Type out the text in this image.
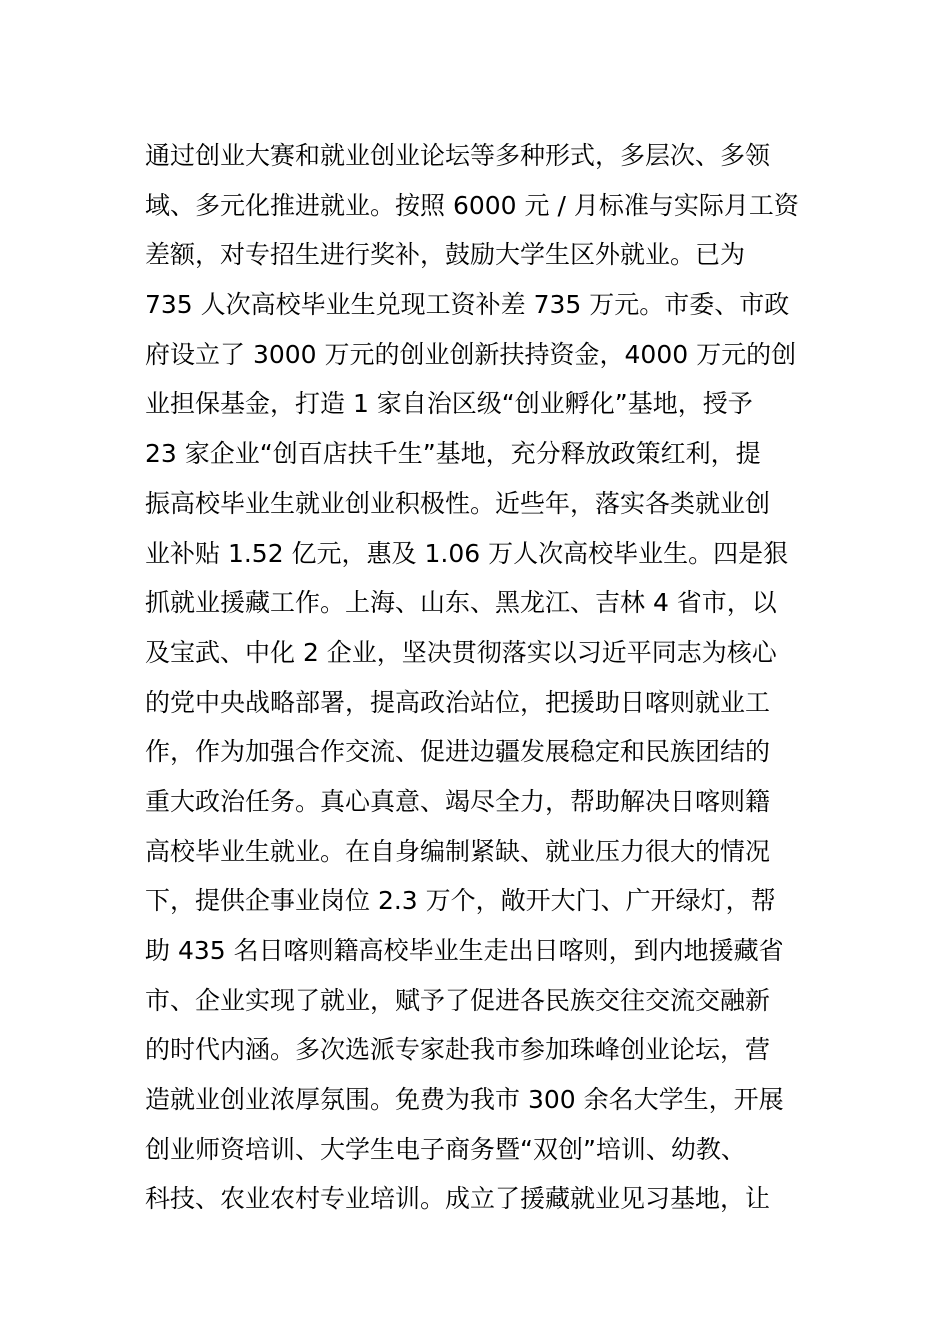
通过创业大赛和就业创业论坛等多种形式，多层次、多领
域、多元化推进就业。按照 6000 元 / 月标准与实际月工资
差额，对专招生进行奖补，鼓励大学生区外就业。已为
735 人次高校毕业生兑现工资补差 735 万元。市委、市政
府设立了 3000 万元的创业创新扶持资金，4000 万元的创
业担保基金，打造 1 家自治区级“创业孵化”基地，授予
23 家企业“创百店扶千生”基地，充分释放政策红利，提
振高校毕业生就业创业积极性。近些年，落实各类就业创
业补贴 1.52 亿元，惠及 1.06 万人次高校毕业生。四是狠
抓就业援藏工作。上海、山东、黑龙江、吉林 4 省市，以
及宝武、中化 2 企业，坚决贯彻落实以习近平同志为核心
的党中央战略部署，提高政治站位，把援助日喀则就业工
作，作为加强合作交流、促进边疆发展稳定和民族团结的
重大政治任务。真心真意、竭尽全力，帮助解决日喀则籍
高校毕业生就业。在自身编制紧缺、就业压力很大的情况
下，提供企事业岗位 2.3 万个，敞开大门、广开绿灯，帮
助 435 名日喀则籍高校毕业生走出日喀则，到内地援藏省
市、企业实现了就业，赋予了促进各民族交往交流交融新
的时代内涵。多次选派专家赴我市参加珠峰创业论坛，营
造就业创业浓厚氛围。免费为我市 300 余名大学生，开展
创业师资培训、大学生电子商务暨“双创”培训、幼教、
科技、农业农村专业培训。成立了援藏就业见习基地，让
